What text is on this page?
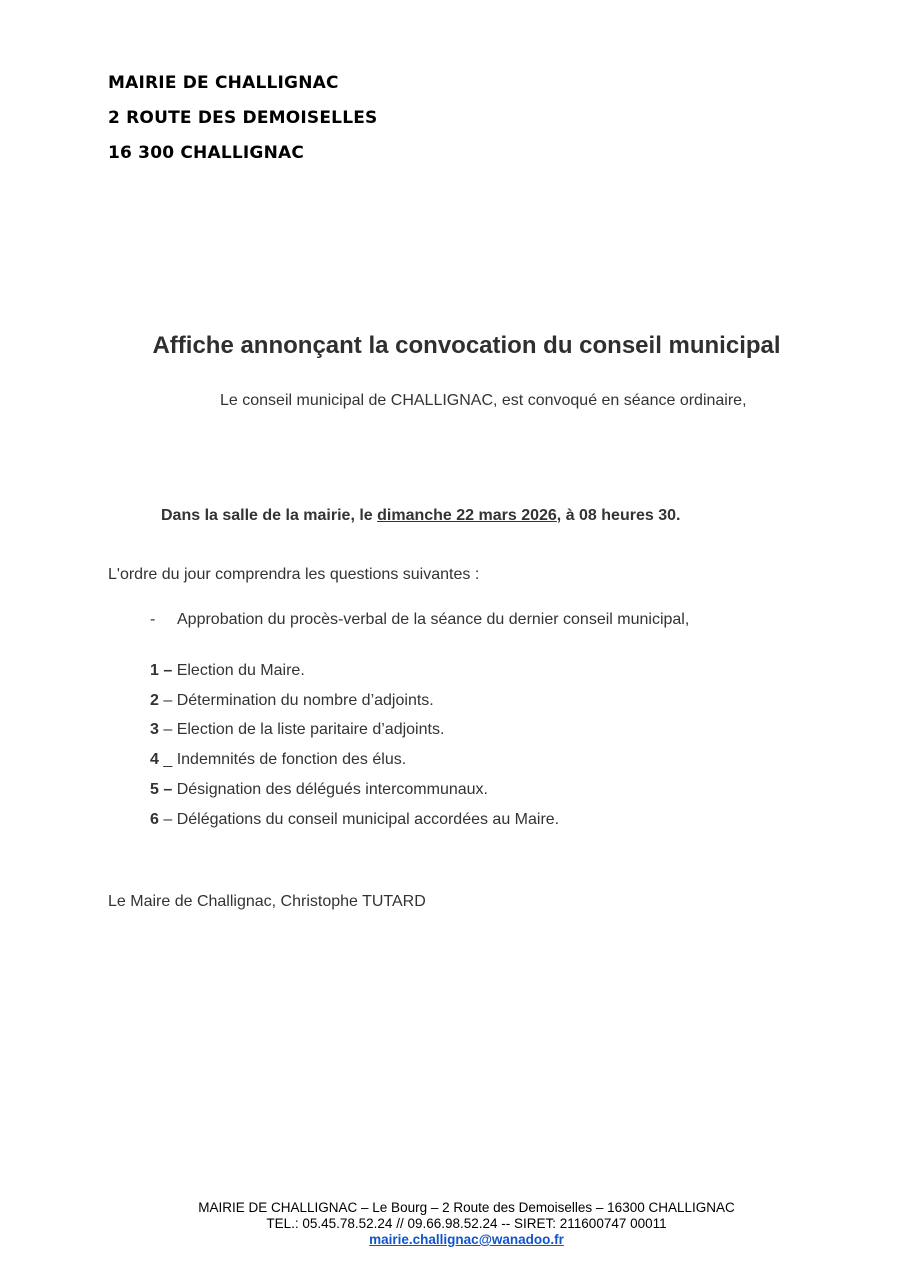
MAIRIE DE CHALLIGNAC
2 ROUTE DES DEMOISELLES
16 300 CHALLIGNAC
Affiche annonçant la convocation du conseil municipal
Le conseil municipal de CHALLIGNAC, est convoqué en séance ordinaire,
Dans la salle de la mairie, le dimanche 22 mars 2026, à 08 heures 30.
L'ordre du jour comprendra les questions suivantes :
- Approbation du procès-verbal de la séance du dernier conseil municipal,
1 – Election du Maire.
2 – Détermination du nombre d’adjoints.
3 – Election de la liste paritaire d’adjoints.
4 _ Indemnités de fonction des élus.
5 – Désignation des délégués intercommunaux.
6 – Délégations du conseil municipal accordées au Maire.
Le Maire de Challignac, Christophe TUTARD
MAIRIE DE CHALLIGNAC – Le Bourg – 2 Route des Demoiselles – 16300 CHALLIGNAC
TEL.: 05.45.78.52.24 // 09.66.98.52.24 -- SIRET: 211600747 00011
mairie.challignac@wanadoo.fr
